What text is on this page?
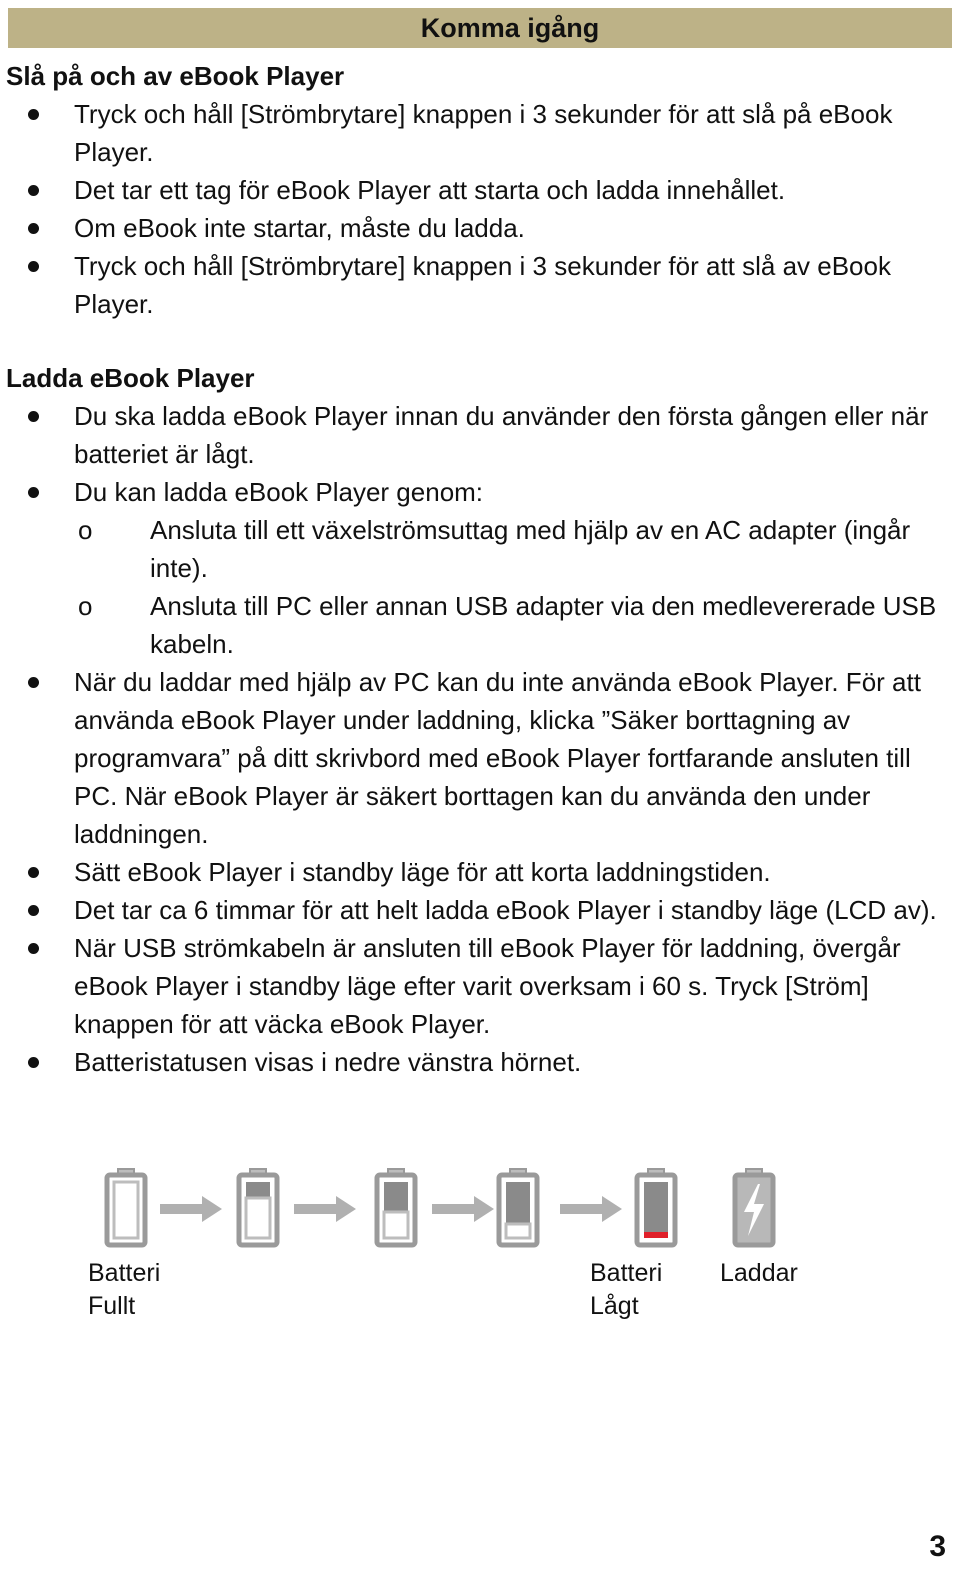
Komma igång
Slå på och av eBook Player
Tryck och håll [Strömbrytare] knappen i 3 sekunder för att slå på eBook Player.
Det tar ett tag för eBook Player att starta och ladda innehållet.
Om eBook inte startar, måste du ladda.
Tryck och håll [Strömbrytare] knappen i 3 sekunder för att slå av eBook Player.
Ladda eBook Player
Du ska ladda eBook Player innan du använder den första gången eller när batteriet är lågt.
Du kan ladda eBook Player genom:
o Ansluta till ett växelströmsuttag med hjälp av en AC adapter (ingår inte).
o Ansluta till PC eller annan USB adapter via den medlevererade USB kabeln.
När du laddar med hjälp av PC kan du inte använda eBook Player. För att använda eBook Player under laddning, klicka ”Säker borttagning av programvara” på ditt skrivbord med eBook Player fortfarande ansluten till PC. När eBook Player är säkert borttagen kan du använda den under laddningen.
Sätt eBook Player i standby läge för att korta laddningstiden.
Det tar ca 6 timmar för att helt ladda eBook Player i standby läge (LCD av).
När USB strömkabeln är ansluten till eBook Player för laddning, övergår eBook Player i standby läge efter varit overksam i 60 s. Tryck [Ström] knappen för att väcka eBook Player.
Batteristatusen visas i nedre vänstra hörnet.
Batteri
Fullt
Batteri
Lågt
Laddar
3
